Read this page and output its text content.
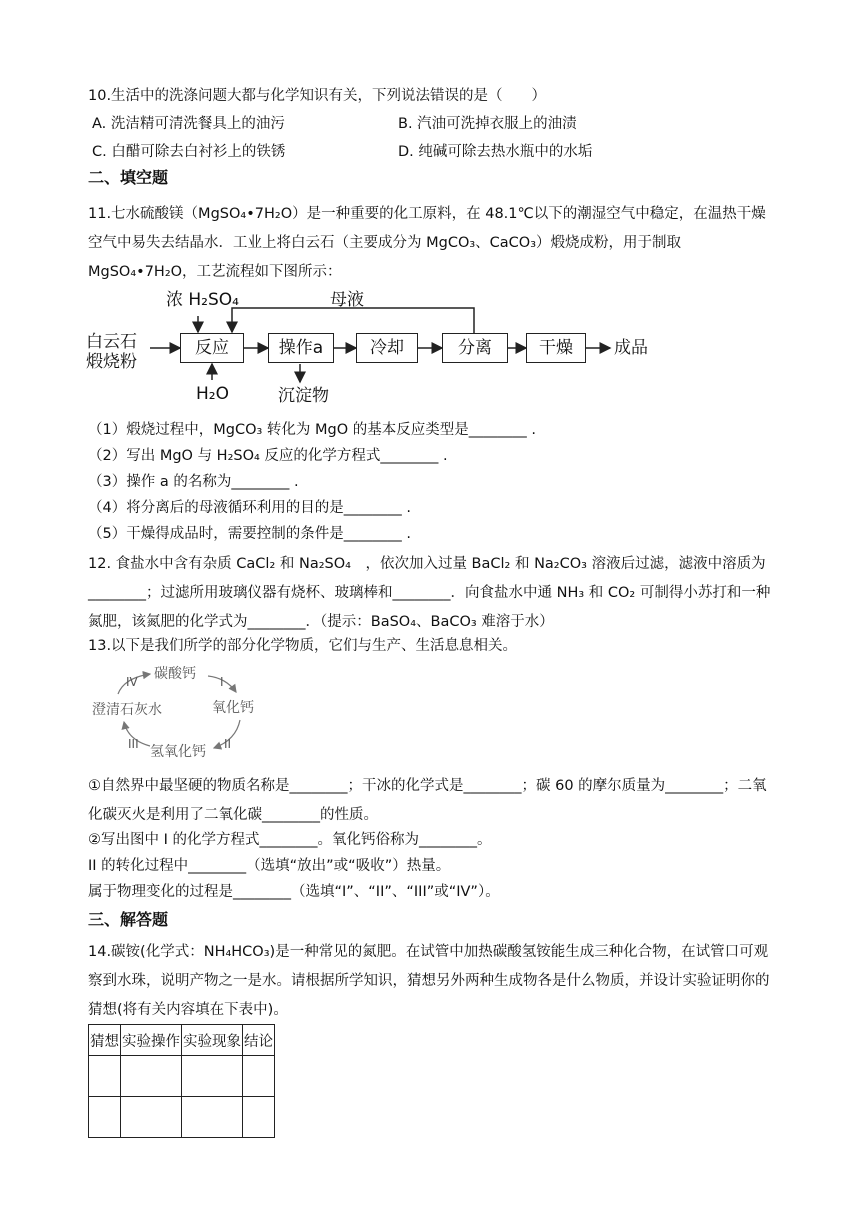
10.生活中的洗涤问题大都与化学知识有关，下列说法错误的是（　　）
A. 洗洁精可清洗餐具上的油污	B. 汽油可洗掉衣服上的油渍
C. 白醋可除去白衬衫上的铁锈	D. 纯碱可除去热水瓶中的水垢
二、填空题
11.七水硫酸镁（MgSO₄•7H₂O）是一种重要的化工原料，在 48.1℃以下的潮湿空气中稳定，在温热干燥空气中易失去结晶水．工业上将白云石（主要成分为 MgCO₃、CaCO₃）煅烧成粉，用于制取 MgSO₄•7H₂O，工艺流程如下图所示：
白云石
煅烧粉
浓 H₂SO₄	母液
H₂O	沉淀物
成品
反应	操作a	冷却	分离	干燥
（1）煅烧过程中，MgCO₃ 转化为 MgO 的基本反应类型是________ .
（2）写出 MgO 与 H₂SO₄ 反应的化学方程式________ .
（3）操作 a 的名称为________ .
（4）将分离后的母液循环利用的目的是________ .
（5）干燥得成品时，需要控制的条件是________ .
12. 食盐水中含有杂质 CaCl₂ 和 Na₂SO₄　，依次加入过量 BaCl₂ 和 Na₂CO₃ 溶液后过滤，滤液中溶质为________；过滤所用玻璃仪器有烧杯、玻璃棒和________．向食盐水中通 NH₃ 和 CO₂ 可制得小苏打和一种氮肥，该氮肥的化学式为________．（提示：BaSO₄、BaCO₃ 难溶于水）
13.以下是我们所学的部分化学物质，它们与生产、生活息息相关。
碳酸钙
氧化钙
氢氧化钙
澄清石灰水
I
II
III
IV
①自然界中最坚硬的物质名称是________；干冰的化学式是________；碳 60 的摩尔质量为________；二氧化碳灭火是利用了二氧化碳________的性质。
②写出图中 I 的化学方程式________。氧化钙俗称为________。
II 的转化过程中________（选填“放出”或“吸收”）热量。
属于物理变化的过程是________（选填“I”、“II”、“III”或“IV”）。
三、解答题
14.碳铵(化学式：NH₄HCO₃)是一种常见的氮肥。在试管中加热碳酸氢铵能生成三种化合物，在试管口可观察到水珠，说明产物之一是水。请根据所学知识，猜想另外两种生成物各是什么物质，并设计实验证明你的猜想(将有关内容填在下表中)。
猜想	实验操作	实验现象	结论
